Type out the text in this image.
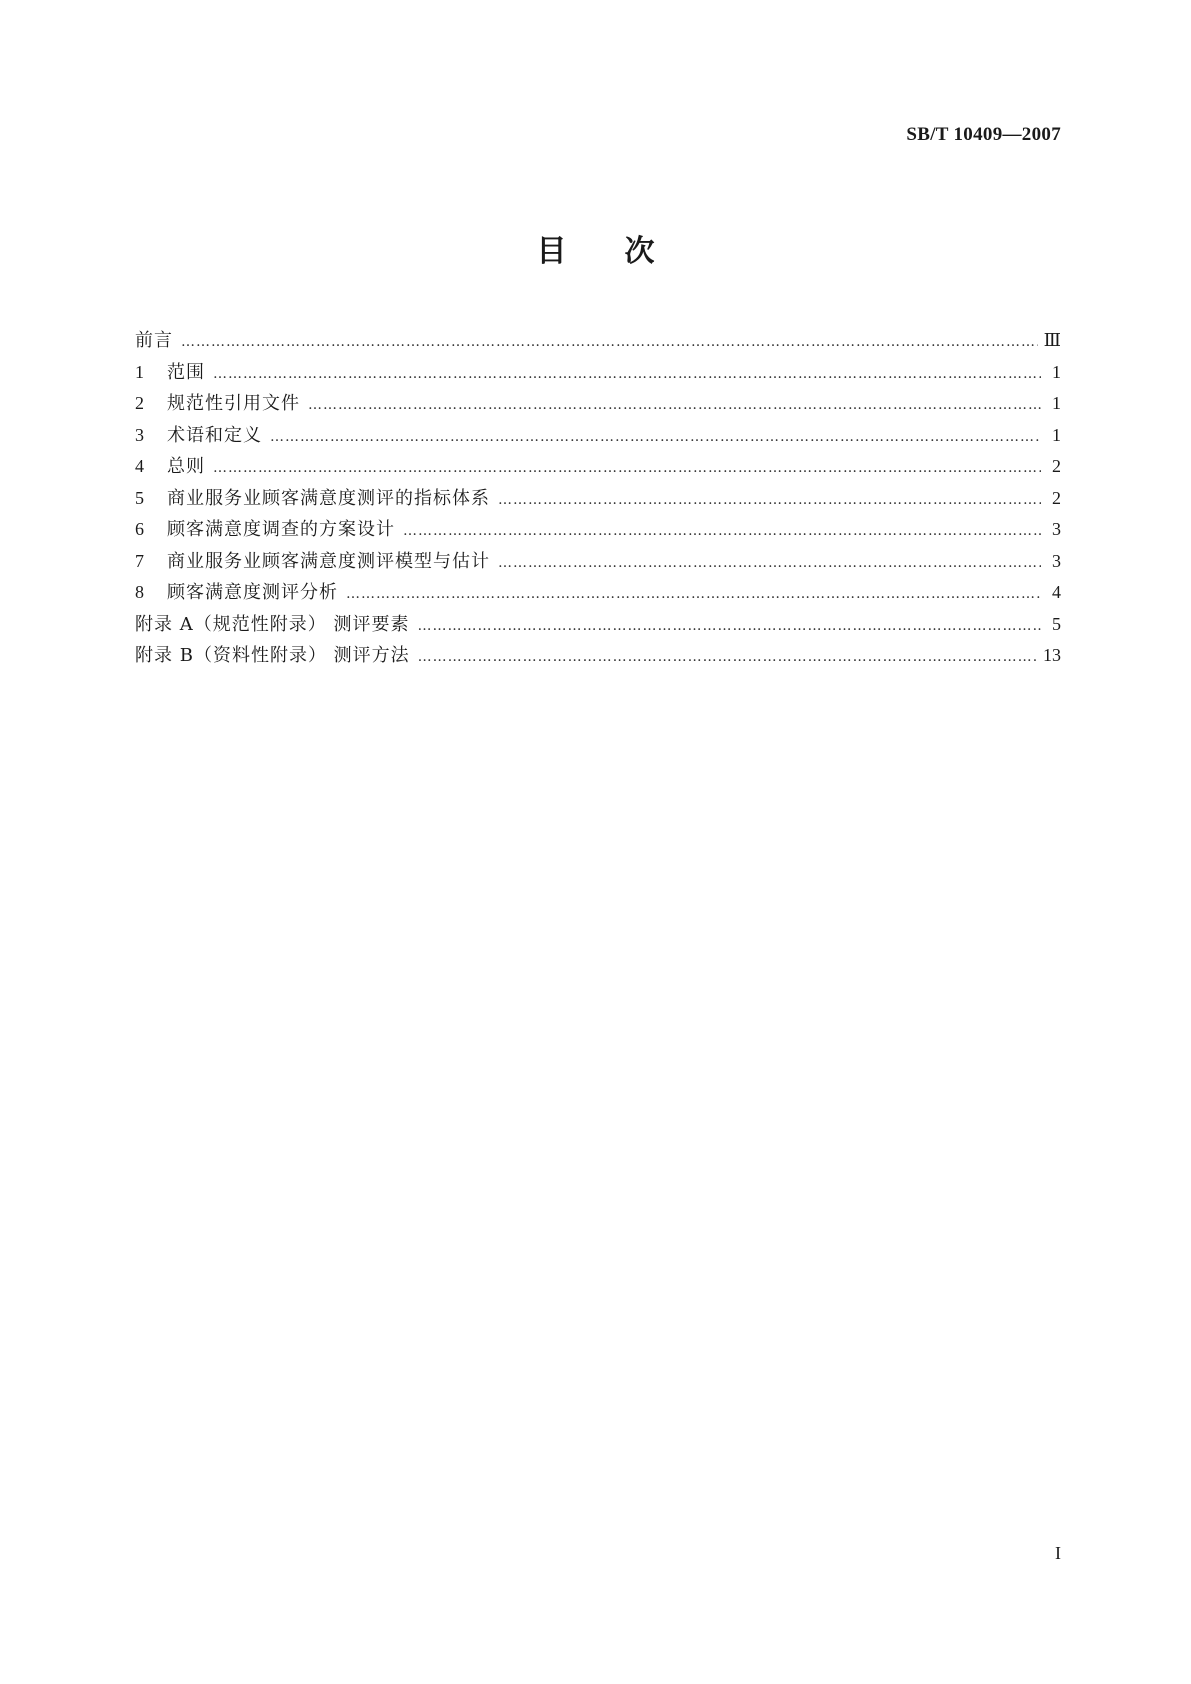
SB/T 10409—2007
目次
前言 …………………………………………………………………………………………………………………………………………………………………………………………………………	Ⅲ
1	范围 …………………………………………………………………………………………………………………………………………………………………………………………………………	1
2	规范性引用文件 …………………………………………………………………………………………………………………………………………………………………………………………………………	1
3	术语和定义 …………………………………………………………………………………………………………………………………………………………………………………………………………	1
4	总则 …………………………………………………………………………………………………………………………………………………………………………………………………………	2
5	商业服务业顾客满意度测评的指标体系 …………………………………………………………………………………………………………………………………………………………………………………………………………	2
6	顾客满意度调查的方案设计 …………………………………………………………………………………………………………………………………………………………………………………………………………	3
7	商业服务业顾客满意度测评模型与估计 …………………………………………………………………………………………………………………………………………………………………………………………………………	3
8	顾客满意度测评分析 …………………………………………………………………………………………………………………………………………………………………………………………………………	4
附录 A（规范性附录） 测评要素 …………………………………………………………………………………………………………………………………………………………………………………………………………	5
附录 B（资料性附录） 测评方法 …………………………………………………………………………………………………………………………………………………………………………………………………………	13
I
